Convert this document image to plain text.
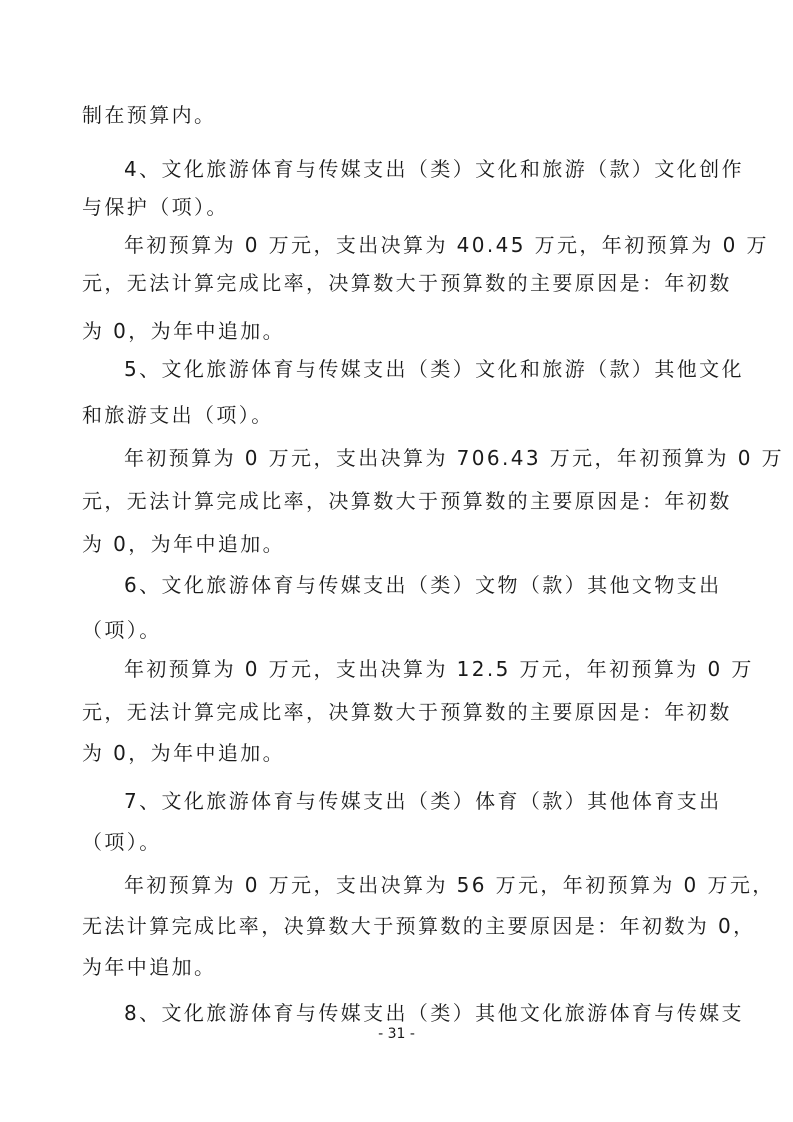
制在预算内。
4、文化旅游体育与传媒支出（类）文化和旅游（款）文化创作
与保护（项）。
年初预算为 0 万元，支出决算为 40.45 万元，年初预算为 0 万
元，无法计算完成比率，决算数大于预算数的主要原因是：年初数
为 0，为年中追加。
5、文化旅游体育与传媒支出（类）文化和旅游（款）其他文化
和旅游支出（项）。
年初预算为 0 万元，支出决算为 706.43 万元，年初预算为 0 万
元，无法计算完成比率，决算数大于预算数的主要原因是：年初数
为 0，为年中追加。
6、文化旅游体育与传媒支出（类）文物（款）其他文物支出
（项）。
年初预算为 0 万元，支出决算为 12.5 万元，年初预算为 0 万
元，无法计算完成比率，决算数大于预算数的主要原因是：年初数
为 0，为年中追加。
7、文化旅游体育与传媒支出（类）体育（款）其他体育支出
（项）。
年初预算为 0 万元，支出决算为 56 万元，年初预算为 0 万元，
无法计算完成比率，决算数大于预算数的主要原因是：年初数为 0，
为年中追加。
8、文化旅游体育与传媒支出（类）其他文化旅游体育与传媒支
- 31 -
